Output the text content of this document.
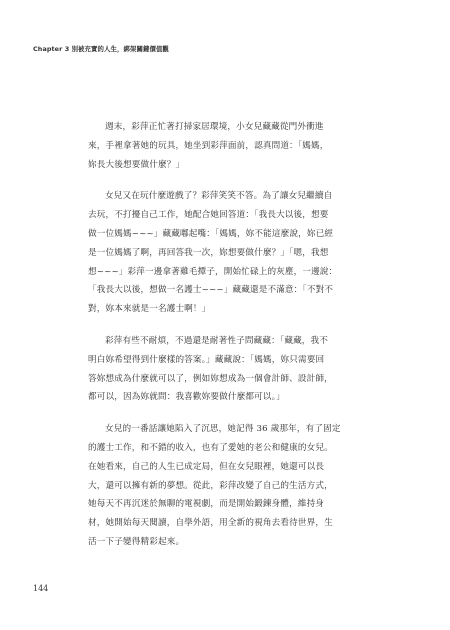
Chapter 3 別被充實的人生，綁架關鍵價值觀
週末，彩萍正忙著打掃家居環境，小女兒藏藏從門外衝進
來，手裡拿著她的玩具，她坐到彩萍面前，認真問道：「媽媽，
妳長大後想要做什麼？」
女兒又在玩什麼遊戲了？彩萍笑笑不答。為了讓女兒繼續自
去玩，不打擾自己工作，她配合她回答道：「我長大以後，想要
做一位媽媽~~~」藏藏嘟起嘴：「媽媽，妳不能這麼說，妳已經
是一位媽媽了啊，再回答我一次，妳想要做什麼？」「嗯，我想
想~~~」彩萍一邊拿著雞毛撢子，開始忙碌上的灰塵，一邊說：
「我長大以後，想做一名護士~~~」藏藏還是不滿意：「不對不
對，妳本來就是一名護士啊！」
彩萍有些不耐煩，不過還是耐著性子問藏藏：「藏藏，我不
明白妳希望得到什麼樣的答案。」藏藏說：「媽媽，妳只需要回
答妳想成為什麼就可以了，例如妳想成為一個會計師、設計師，
都可以，因為妳就問：我喜歡妳要做什麼都可以。」
女兒的一番話讓她陷入了沉思，她記得 36 歲那年，有了固定
的護士工作，和不錯的收入，也有了愛她的老公和健康的女兒。
在她看來，自己的人生已成定局，但在女兒眼裡，她還可以長
大，還可以擁有新的夢想。從此，彩萍改變了自己的生活方式，
她每天不再沉迷於無聊的電視劇，而是開始鍛鍊身體，維持身
材，她開始每天閱讀，自學外語，用全新的視角去看待世界，生
活一下子變得精彩起來。
144
